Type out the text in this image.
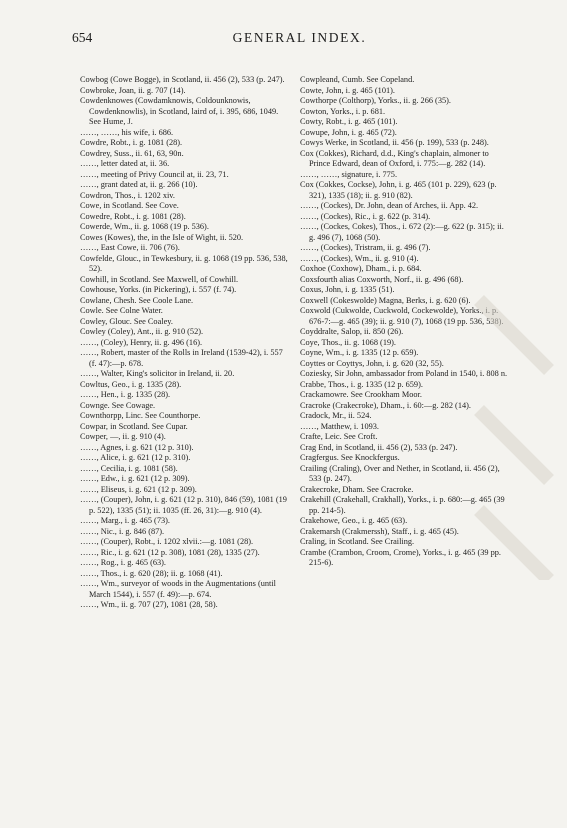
654	GENERAL INDEX.
Cowbog (Cowe Bogge), in Scotland, ii. 456 (2), 533 (p. 247).
Cowbroke, Joan, ii. g. 707 (14).
Cowdenknowes (Cowdamknowis, Coldounknowis, Cowdenknowlis), in Scotland, laird of, i. 395, 686, 1049. See Hume, J.
……, ……, his wife, i. 686.
Cowdre, Robt., i. g. 1081 (28).
Cowdrey, Suss., ii. 61, 63, 90n.
……, letter dated at, ii. 36.
……, meeting of Privy Council at, ii. 23, 71.
……, grant dated at, ii. g. 266 (10).
Cowdron, Thos., i. 1202 xiv.
Cowe, in Scotland. See Cove.
Cowedre, Robt., i. g. 1081 (28).
Cowerde, Wm., ii. g. 1068 (19 p. 536).
Cowes (Kowes), the, in the Isle of Wight, ii. 520.
……, East Cowe, ii. 706 (76).
Cowfelde, Glouc., in Tewkesbury, ii. g. 1068 (19 pp. 536, 538, 52).
Cowhill, in Scotland. See Maxwell, of Cowhill.
Cowhouse, Yorks. (in Pickering), i. 557 (f. 74).
Cowlane, Chesh. See Coole Lane.
Cowle. See Colne Water.
Cowley, Glouc. See Coaley.
Cowley (Coley), Ant., ii. g. 910 (52).
……, (Coley), Henry, ii. g. 496 (16).
……, Robert, master of the Rolls in Ireland (1539-42), i. 557 (f. 47):—p. 678.
……, Walter, King's solicitor in Ireland, ii. 20.
Cowltus, Geo., i. g. 1335 (28).
……, Hen., i. g. 1335 (28).
Cownge. See Cowage.
Cownthorpp, Linc. See Counthorpe.
Cowpar, in Scotland. See Cupar.
Cowper, —, ii. g. 910 (4).
……, Agnes, i. g. 621 (12 p. 310).
……, Alice, i. g. 621 (12 p. 310).
……, Cecilia, i. g. 1081 (58).
……, Edw., i. g. 621 (12 p. 309).
……, Eliseus, i. g. 621 (12 p. 309).
……, (Couper), John, i. g. 621 (12 p. 310), 846 (59), 1081 (19 p. 522), 1335 (51); ii. 1035 (ff. 26, 31):—g. 910 (4).
……, Marg., i. g. 465 (73).
……, Nic., i. g. 846 (87).
……, (Couper), Robt., i. 1202 xlvii.:—g. 1081 (28).
……, Ric., i. g. 621 (12 p. 308), 1081 (28), 1335 (27).
……, Rog., i. g. 465 (63).
……, Thos., i. g. 620 (28); ii. g. 1068 (41).
……, Wm., surveyor of woods in the Augmentations (until March 1544), i. 557 (f. 49):—p. 674.
……, Wm., ii. g. 707 (27), 1081 (28, 58).
Cowpleand, Cumb. See Copeland.
Cowte, John, i. g. 465 (101).
Cowthorpe (Colthorp), Yorks., ii. g. 266 (35).
Cowton, Yorks., i. p. 681.
Cowty, Robt., i. g. 465 (101).
Cowupe, John, i. g. 465 (72).
Cowys Werke, in Scotland, ii. 456 (p. 199), 533 (p. 248).
Cox (Cokkes), Richard, d.d., King's chaplain, almoner to Prince Edward, dean of Oxford, i. 775:—g. 282 (14).
……, ……, signature, i. 775.
Cox (Cokkes, Cockse), John, i. g. 465 (101 p. 229), 623 (p. 321), 1335 (18); ii. g. 910 (82).
……, (Cockes), Dr. John, dean of Arches, ii. App. 42.
……, (Cockes), Ric., i. g. 622 (p. 314).
……, (Cockes, Cokes), Thos., i. 672 (2):—g. 622 (p. 315); ii. g. 496 (7), 1068 (50).
……, (Cockes), Tristram, ii. g. 496 (7).
……, (Cockes), Wm., ii. g. 910 (4).
Coxhoe (Coxhow), Dham., i. p. 684.
Coxsfourth alias Coxworth, Norf., ii. g. 496 (68).
Coxus, John, i. g. 1335 (51).
Coxwell (Cokeswolde) Magna, Berks, i. g. 620 (6).
Coxwold (Cukwolde, Cuckwold, Cockewolde), Yorks., i. p. 676-7:—g. 465 (39); ii. g. 910 (7), 1068 (19 pp. 536, 538).
Coyddralte, Salop, ii. 850 (26).
Coye, Thos., ii. g. 1068 (19).
Coyne, Wm., i. g. 1335 (12 p. 659).
Coyttes or Coyttys, John, i. g. 620 (32, 55).
Coziesky, Sir John, ambassador from Poland in 1540, i. 808 n.
Crabbe, Thos., i. g. 1335 (12 p. 659).
Crackamowre. See Crookham Moor.
Cracroke (Crakecroke), Dham., i. 60:—g. 282 (14).
Cradock, Mr., ii. 524.
……, Matthew, i. 1093.
Crafte, Leic. See Croft.
Crag End, in Scotland, ii. 456 (2), 533 (p. 247).
Cragfergus. See Knockfergus.
Crailing (Craling), Over and Nether, in Scotland, ii. 456 (2), 533 (p. 247).
Crakecroke, Dham. See Cracroke.
Crakehill (Crakehall, Crakhall), Yorks., i. p. 680:—g. 465 (39 pp. 214-5).
Crakehowe, Geo., i. g. 465 (63).
Crakemarsh (Crakmerssh), Staff., i. g. 465 (45).
Craling, in Scotland. See Crailing.
Crambe (Crambon, Croom, Crome), Yorks., i. g. 465 (39 pp. 215-6).
